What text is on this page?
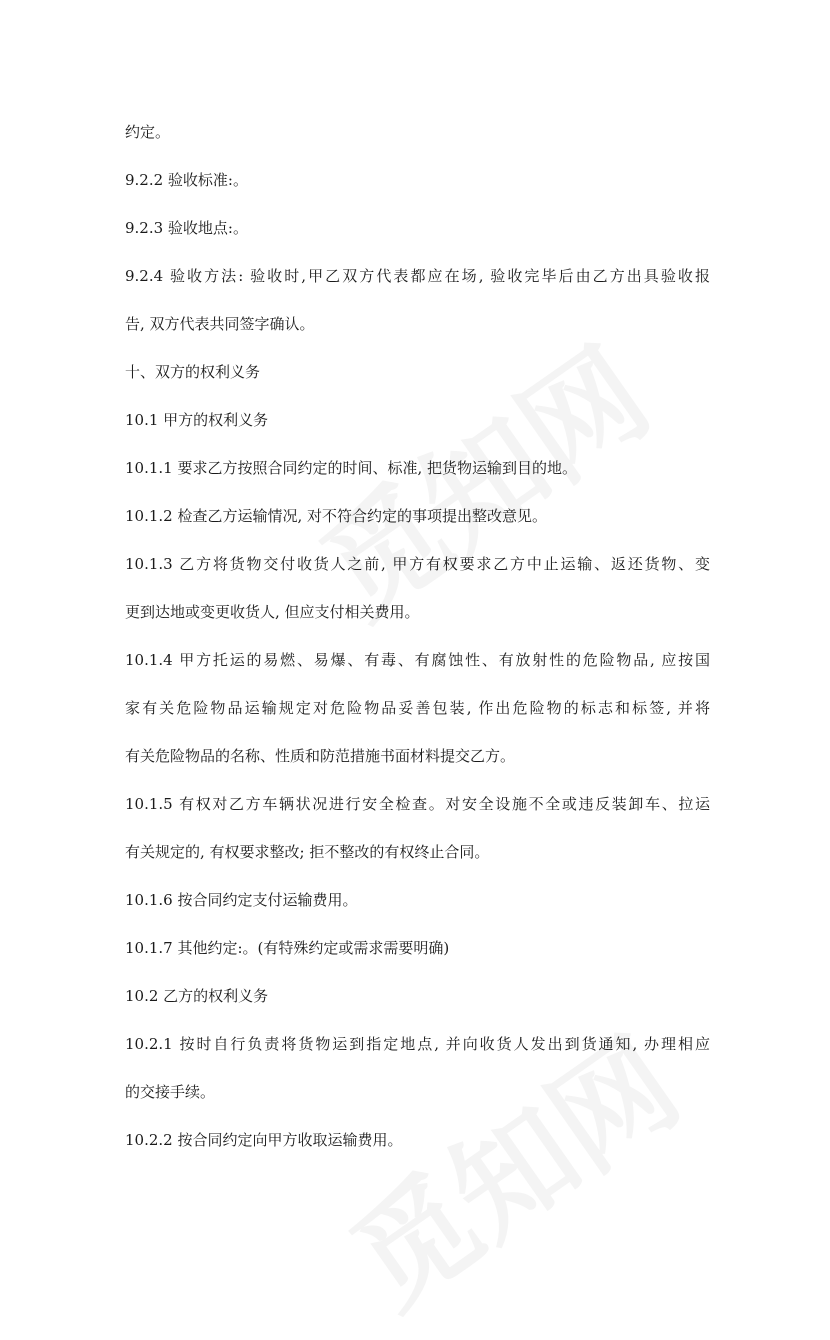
约定。
9.2.2 验收标准:。
9.2.3 验收地点:。
9.2.4 验收方法: 验收时,甲乙双方代表都应在场, 验收完毕后由乙方出具验收报
告, 双方代表共同签字确认。
十、双方的权利义务
10.1 甲方的权利义务
10.1.1 要求乙方按照合同约定的时间、标准, 把货物运输到目的地。
10.1.2 检查乙方运输情况, 对不符合约定的事项提出整改意见。
10.1.3 乙方将货物交付收货人之前, 甲方有权要求乙方中止运输、返还货物、变
更到达地或变更收货人, 但应支付相关费用。
10.1.4 甲方托运的易燃、易爆、有毒、有腐蚀性、有放射性的危险物品, 应按国
家有关危险物品运输规定对危险物品妥善包装, 作出危险物的标志和标签, 并将
有关危险物品的名称、性质和防范措施书面材料提交乙方。
10.1.5 有权对乙方车辆状况进行安全检查。对安全设施不全或违反装卸车、拉运
有关规定的, 有权要求整改; 拒不整改的有权终止合同。
10.1.6 按合同约定支付运输费用。
10.1.7 其他约定:。(有特殊约定或需求需要明确)
10.2 乙方的权利义务
10.2.1 按时自行负责将货物运到指定地点, 并向收货人发出到货通知, 办理相应
的交接手续。
10.2.2 按合同约定向甲方收取运输费用。
